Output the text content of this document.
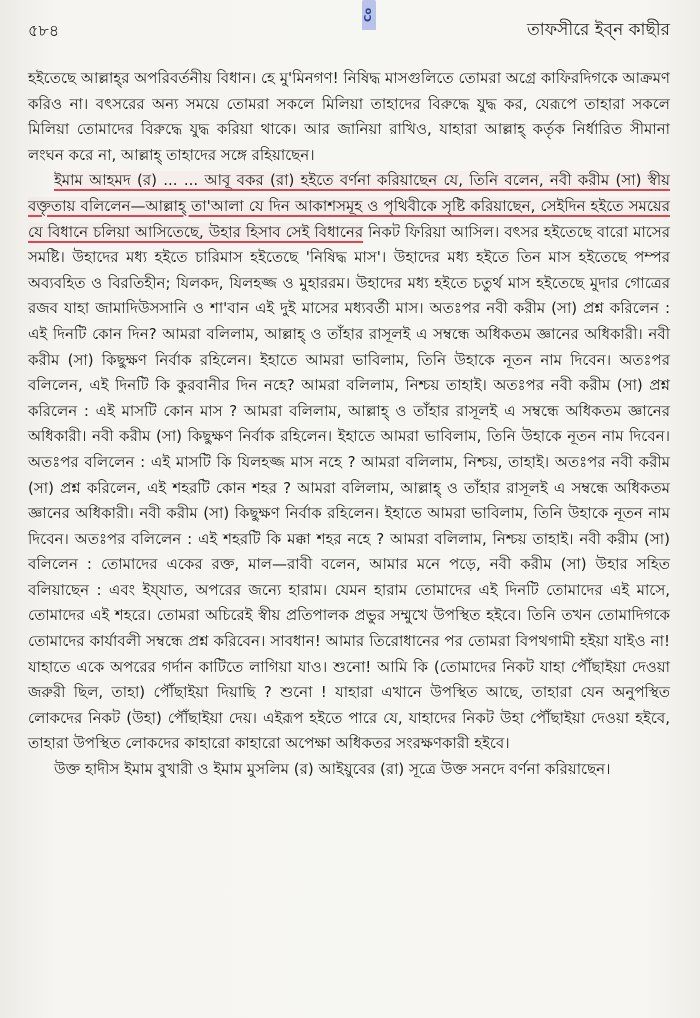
৫৮৪
Co
তাফসীরে ইব্‌ন কাছীর

হইতেছে আল্লাহ্‌র অপরিবর্তনীয় বিধান। হে মু'মিনগণ! নিষিদ্ধ মাসগুলিতে তোমরা অগ্রে কাফিরদিগকে আক্রমণ করিও না। বৎসরের অন্য সময়ে তোমরা সকলে মিলিয়া তাহাদের বিরুদ্ধে যুদ্ধ কর, যেরূপে তাহারা সকলে মিলিয়া তোমাদের বিরুদ্ধে যুদ্ধ করিয়া থাকে। আর জানিয়া রাখিও, যাহারা আল্লাহ্‌ কর্তৃক নির্ধারিত সীমানা লংঘন করে না, আল্লাহ্‌ তাহাদের সঙ্গে রহিয়াছেন।

ইমাম আহমদ (র) ... ... আবূ বকর (রা) হইতে বর্ণনা করিয়াছেন যে, তিনি বলেন, নবী করীম (সা) স্বীয় বক্তৃতায় বলিলেন—আল্লাহ্‌ তা'আলা যে দিন আকাশসমূহ ও পৃথিবীকে সৃষ্টি করিয়াছেন, সেইদিন হইতে সময়ের যে বিধানে চলিয়া আসিতেছে, উহার হিসাব সেই বিধানের নিকট ফিরিয়া আসিল। বৎসর হইতেছে বারো মাসের সমষ্টি। উহাদের মধ্য হইতে চারিমাস হইতেছে 'নিষিদ্ধ মাস'। উহাদের মধ্য হইতে তিন মাস হইতেছে পম্পর অব্যবহিত ও বিরতিহীন; যিলকদ, যিলহজ্জ ও মুহাররম। উহাদের মধ্য হইতে চতুর্থ মাস হইতেছে মুদার গোত্রের রজব যাহা জামাদিউসসানি ও শা'বান এই দুই মাসের মধ্যবর্তী মাস। অতঃপর নবী করীম (সা) প্রশ্ন করিলেন : এই দিনটি কোন দিন? আমরা বলিলাম, আল্লাহ্‌ ও তাঁহার রাসূলই এ সম্বন্ধে অধিকতম জ্ঞানের অধিকারী। নবী করীম (সা) কিছুক্ষণ নির্বাক রহিলেন। ইহাতে আমরা ভাবিলাম, তিনি উহাকে নূতন নাম দিবেন। অতঃপর বলিলেন, এই দিনটি কি কুরবানীর দিন নহে? আমরা বলিলাম, নিশ্চয় তাহাই। অতঃপর নবী করীম (সা) প্রশ্ন করিলেন : এই মাসটি কোন মাস ? আমরা বলিলাম, আল্লাহ্‌ ও তাঁহার রাসূলই এ সম্বন্ধে অধিকতম জ্ঞানের অধিকারী। নবী করীম (সা) কিছুক্ষণ নির্বাক রহিলেন। ইহাতে আমরা ভাবিলাম, তিনি উহাকে নূতন নাম দিবেন। অতঃপর বলিলেন : এই মাসটি কি যিলহজ্জ মাস নহে ? আমরা বলিলাম, নিশ্চয়, তাহাই। অতঃপর নবী করীম (সা) প্রশ্ন করিলেন, এই শহরটি কোন শহর ? আমরা বলিলাম, আল্লাহ্‌ ও তাঁহার রাসূলই এ সম্বন্ধে অধিকতম জ্ঞানের অধিকারী। নবী করীম (সা) কিছুক্ষণ নির্বাক রহিলেন। ইহাতে আমরা ভাবিলাম, তিনি উহাকে নূতন নাম দিবেন। অতঃপর বলিলেন : এই শহরটি কি মক্কা শহর নহে ? আমরা বলিলাম, নিশ্চয় তাহাই। নবী করীম (সা) বলিলেন : তোমাদের একের রক্ত, মাল—রাবী বলেন, আমার মনে পড়ে, নবী করীম (সা) উহার সহিত বলিয়াছেন : এবং ইয্‌যাত, অপরের জন্যে হারাম। যেমন হারাম তোমাদের এই দিনটি তোমাদের এই মাসে, তোমাদের এই শহরে। তোমরা অচিরেই স্বীয় প্রতিপালক প্রভুর সম্মুখে উপস্থিত হইবে। তিনি তখন তোমাদিগকে তোমাদের কার্যাবলী সম্বন্ধে প্রশ্ন করিবেন। সাবধান! আমার তিরোধানের পর তোমরা বিপথগামী হইয়া যাইও না! যাহাতে একে অপরের গর্দান কাটিতে লাগিয়া যাও। শুনো! আমি কি (তোমাদের নিকট যাহা পৌঁছাইয়া দেওয়া জরুরী ছিল, তাহা) পৌঁছাইয়া দিয়াছি ? শুনো ! যাহারা এখানে উপস্থিত আছে, তাহারা যেন অনুপস্থিত লোকদের নিকট (উহা) পৌঁছাইয়া দেয়। এইরূপ হইতে পারে যে, যাহাদের নিকট উহা পৌঁছাইয়া দেওয়া হইবে, তাহারা উপস্থিত লোকদের কাহারো কাহারো অপেক্ষা অধিকতর সংরক্ষণকারী হইবে।

উক্ত হাদীস ইমাম বুখারী ও ইমাম মুসলিম (র) আইয়ুবের (রা) সূত্রে উক্ত সনদে বর্ণনা করিয়াছেন।
